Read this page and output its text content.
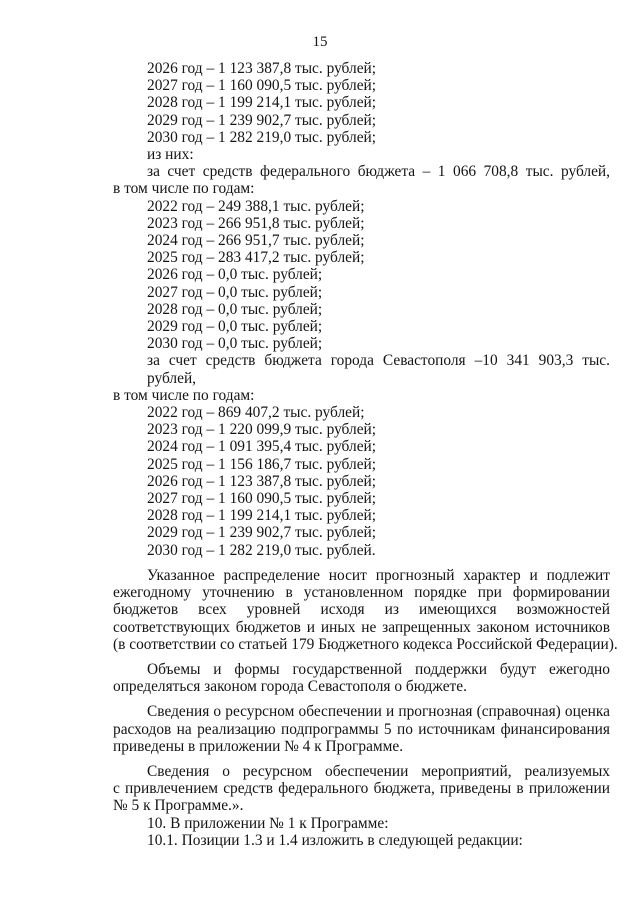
15

2026 год – 1 123 387,8 тыс. рублей;

2027 год – 1 160 090,5 тыс. рублей;

2028 год – 1 199 214,1 тыс. рублей;

2029 год – 1 239 902,7 тыс. рублей;

2030 год – 1 282 219,0 тыс. рублей;

из них:

за счет средств федерального бюджета – 1 066 708,8 тыс. рублей,

в том числе по годам:

2022 год – 249 388,1 тыс. рублей;

2023 год – 266 951,8 тыс. рублей;

2024 год – 266 951,7 тыс. рублей;

2025 год – 283 417,2 тыс. рублей;

2026 год – 0,0 тыс. рублей;

2027 год – 0,0 тыс. рублей;

2028 год – 0,0 тыс. рублей;

2029 год – 0,0 тыс. рублей;

2030 год – 0,0 тыс. рублей;

за счет средств бюджета города Севастополя –10 341 903,3 тыс. рублей,

в том числе по годам:

2022 год – 869 407,2 тыс. рублей;

2023 год – 1 220 099,9 тыс. рублей;

2024 год – 1 091 395,4 тыс. рублей;

2025 год – 1 156 186,7 тыс. рублей;

2026 год – 1 123 387,8 тыс. рублей;

2027 год – 1 160 090,5 тыс. рублей;

2028 год – 1 199 214,1 тыс. рублей;

2029 год – 1 239 902,7 тыс. рублей;

2030 год – 1 282 219,0 тыс. рублей.

Указанное распределение носит прогнозный характер и подлежит

ежегодному уточнению в установленном порядке при формировании

бюджетов всех уровней исходя из имеющихся возможностей

соответствующих бюджетов и иных не запрещенных законом источников

(в соответствии со статьей 179 Бюджетного кодекса Российской Федерации).

Объемы и формы государственной поддержки будут ежегодно

определяться законом города Севастополя о бюджете.

Сведения о ресурсном обеспечении и прогнозная (справочная) оценка

расходов на реализацию подпрограммы 5 по источникам финансирования

приведены в приложении № 4 к Программе.

Сведения о ресурсном обеспечении мероприятий, реализуемых

с привлечением средств федерального бюджета, приведены в приложении

№ 5 к Программе.».

10. В приложении № 1 к Программе:

10.1. Позиции 1.3 и 1.4 изложить в следующей редакции:
